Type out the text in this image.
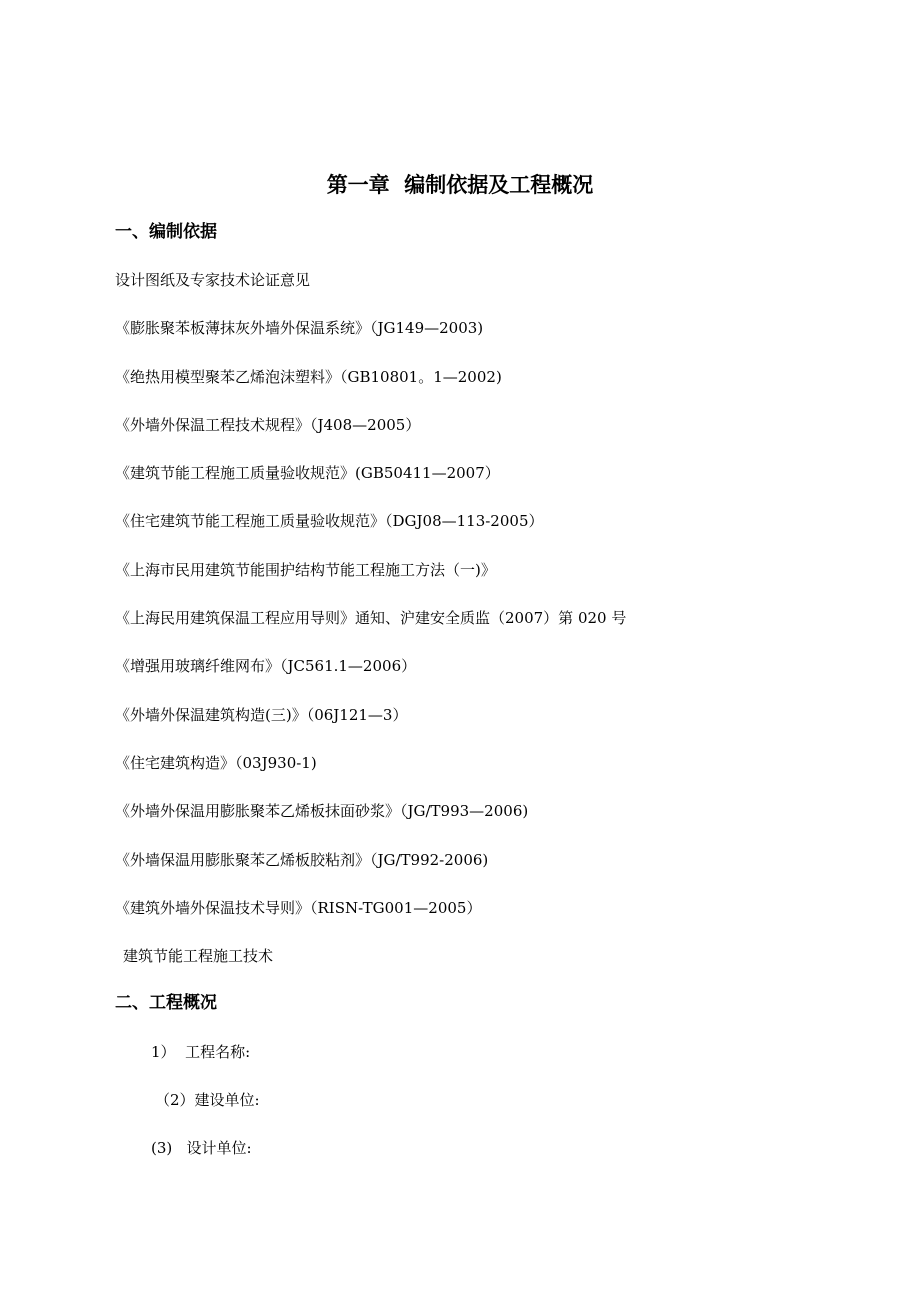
第一章  编制依据及工程概况
一、编制依据
设计图纸及专家技术论证意见
《膨胀聚苯板薄抹灰外墙外保温系统》（JG149—2003)
《绝热用模型聚苯乙烯泡沫塑料》（GB10801。1—2002)
《外墙外保温工程技术规程》（J408—2005）
《建筑节能工程施工质量验收规范》(GB50411—2007）
《住宅建筑节能工程施工质量验收规范》（DGJ08—113-2005）
《上海市民用建筑节能围护结构节能工程施工方法（一)》
《上海民用建筑保温工程应用导则》通知、沪建安全质监（2007）第 020 号
《增强用玻璃纤维网布》（JC561.1—2006）
《外墙外保温建筑构造(三)》（06J121—3）
《住宅建筑构造》（03J930-1)
《外墙外保温用膨胀聚苯乙烯板抹面砂浆》（JG/T993—2006)
《外墙保温用膨胀聚苯乙烯板胶粘剂》（JG/T992-2006)
《建筑外墙外保温技术导则》（RISN-TG001—2005）
建筑节能工程施工技术
二、工程概况
1）  工程名称:
（2）建设单位:
(3)   设计单位:
